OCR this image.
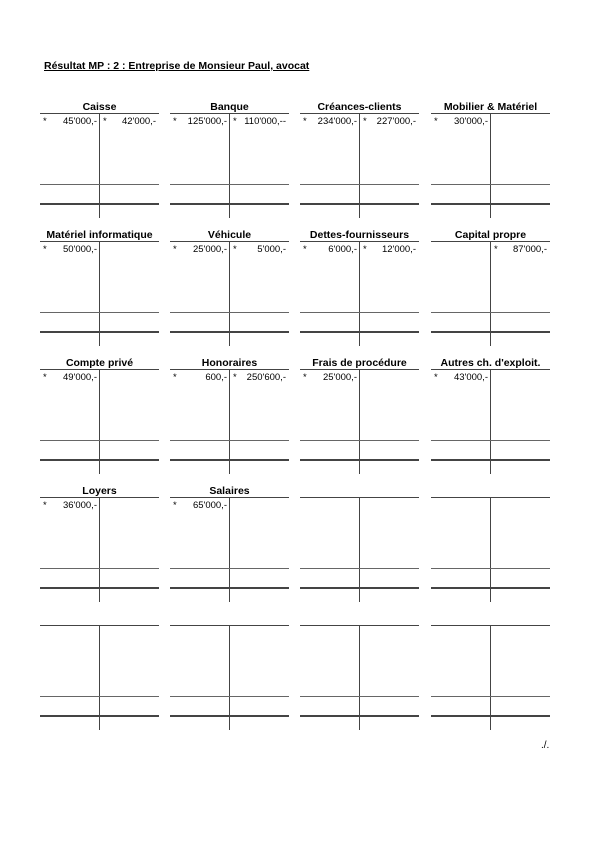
Résultat MP : 2 : Entreprise de Monsieur Paul, avocat
Caisse
* 45'000,- * 42'000,-
Banque
* 125'000,- * 110'000,--
Créances-clients
* 234'000,- * 227'000,-
Mobilier & Matériel
* 30'000,-
Matériel informatique
* 50'000,-
Véhicule
* 25'000,- * 5'000,-
Dettes-fournisseurs
* 6'000,- * 12'000,-
Capital propre
* 87'000,-
Compte privé
* 49'000,-
Honoraires
*	600,- * 250'600,-
Frais de procédure
* 25'000,-
Autres ch. d'exploit.
* 43'000,-
Loyers
* 36'000,-
Salaires
* 65'000,-
./.
